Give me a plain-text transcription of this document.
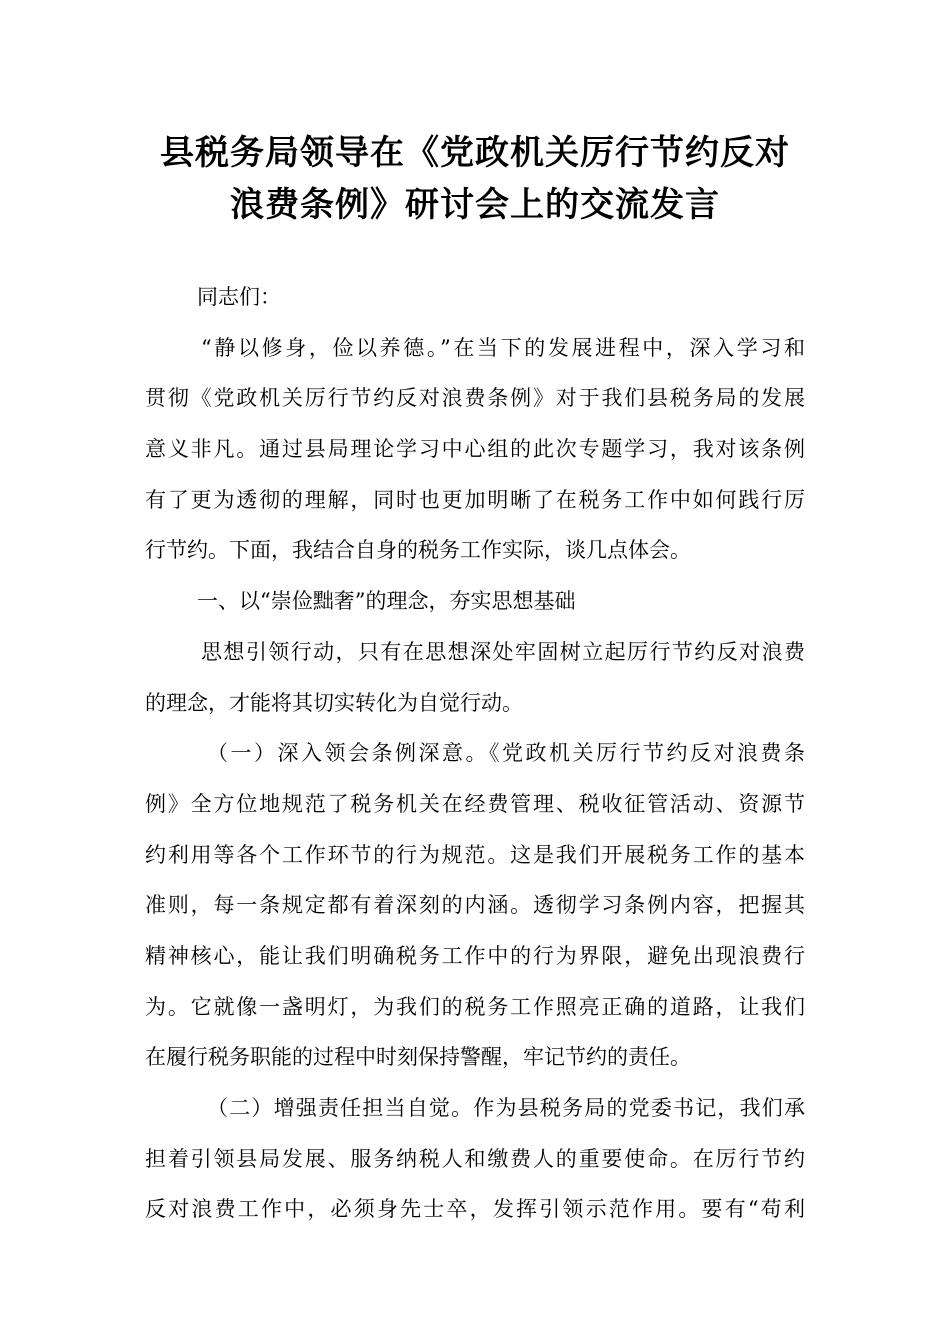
县税务局领导在《党政机关厉行节约反对
浪费条例》研讨会上的交流发言
同志们：
“静以修身，俭以养德。”在当下的发展进程中，深入学习和
贯彻《党政机关厉行节约反对浪费条例》对于我们县税务局的发展
意义非凡。通过县局理论学习中心组的此次专题学习，我对该条例
有了更为透彻的理解，同时也更加明晰了在税务工作中如何践行厉
行节约。下面，我结合自身的税务工作实际，谈几点体会。
一、以“崇俭黜奢”的理念，夯实思想基础
思想引领行动，只有在思想深处牢固树立起厉行节约反对浪费
的理念，才能将其切实转化为自觉行动。
（一）深入领会条例深意。《党政机关厉行节约反对浪费条
例》全方位地规范了税务机关在经费管理、税收征管活动、资源节
约利用等各个工作环节的行为规范。这是我们开展税务工作的基本
准则，每一条规定都有着深刻的内涵。透彻学习条例内容，把握其
精神核心，能让我们明确税务工作中的行为界限，避免出现浪费行
为。它就像一盏明灯，为我们的税务工作照亮正确的道路，让我们
在履行税务职能的过程中时刻保持警醒，牢记节约的责任。
（二）增强责任担当自觉。作为县税务局的党委书记，我们承
担着引领县局发展、服务纳税人和缴费人的重要使命。在厉行节约
反对浪费工作中，必须身先士卒，发挥引领示范作用。要有“苟利
